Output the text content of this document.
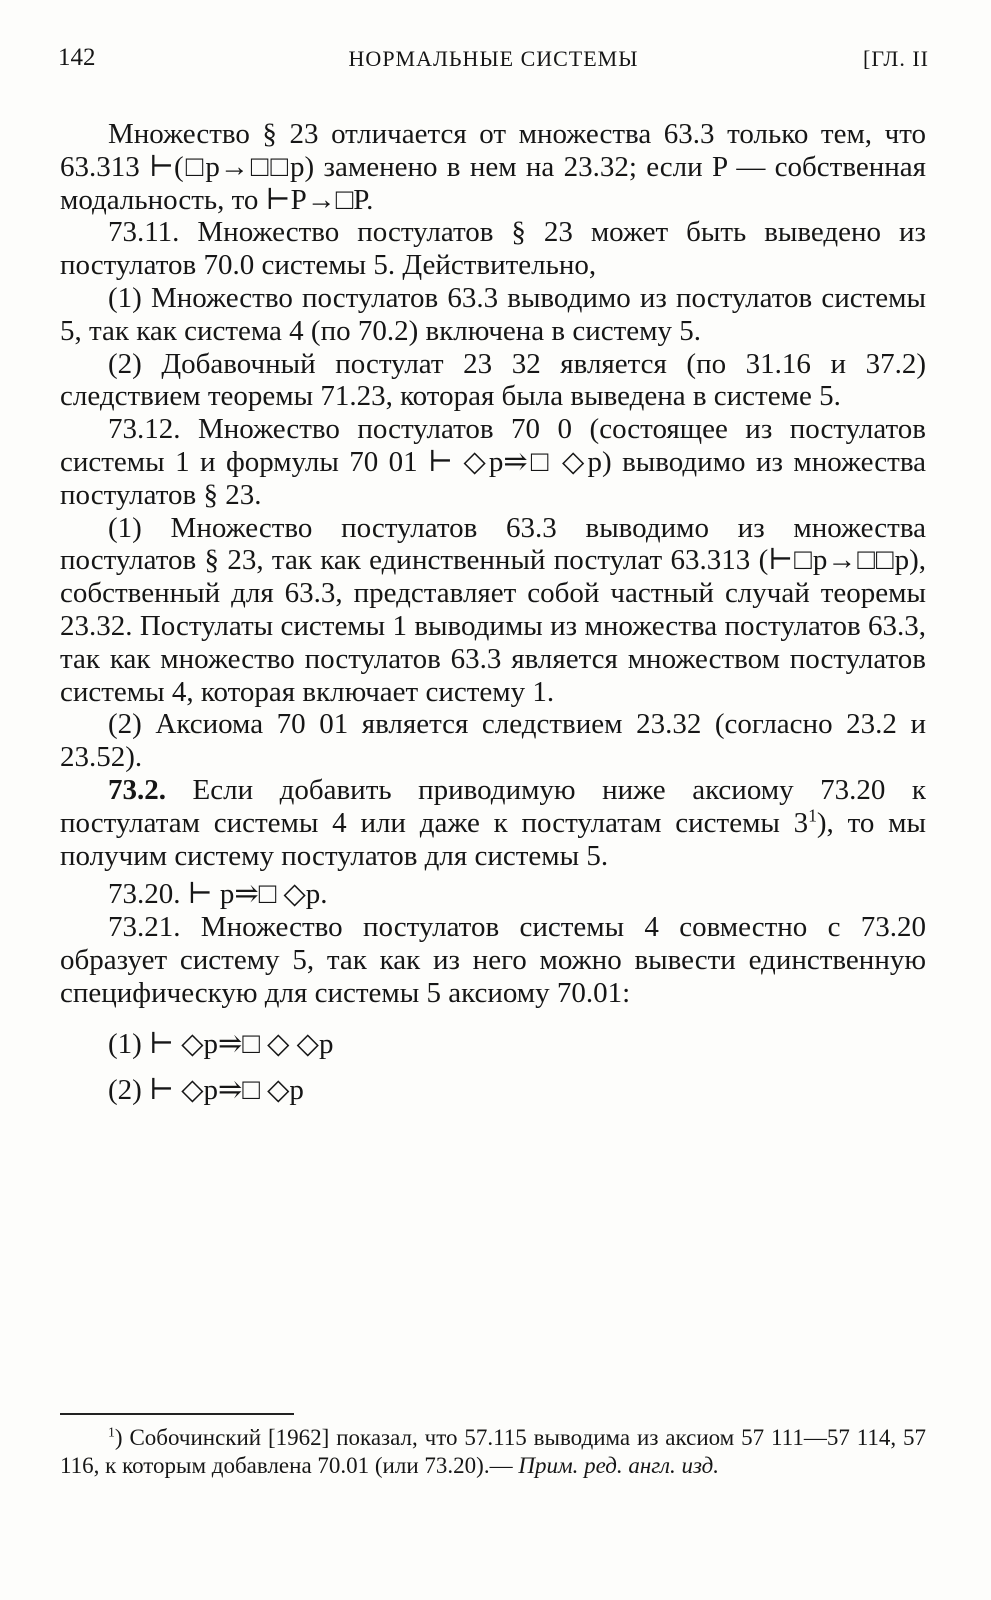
142	НОРМАЛЬНЫЕ СИСТЕМЫ	[ГЛ. II

Множество § 23 отличается от множества 63.3 только тем, что 63.313 ⊢(□p→□□p) заменено в нем на 23.32; если P — собственная модальность, то ⊢P→□P.

73.11. Множество постулатов § 23 может быть выведено из постулатов 70.0 системы 5. Действительно,

(1) Множество постулатов 63.3 выводимо из постулатов системы 5, так как система 4 (по 70.2) включена в систему 5.

(2) Добавочный постулат 23 32 является (по 31.16 и 37.2) следствием теоремы 71.23, которая была выведена в системе 5.

73.12. Множество постулатов 70 0 (состоящее из постулатов системы 1 и формулы 70 01 ⊢ ◇p⥤□ ◇p) выводимо из множества постулатов § 23.

(1) Множество постулатов 63.3 выводимо из множества постулатов § 23, так как единственный постулат 63.313 (⊢□p→□□p), собственный для 63.3, представляет собой частный случай теоремы 23.32. Постулаты системы 1 выводимы из множества постулатов 63.3, так как множество постулатов 63.3 является множеством постулатов системы 4, которая включает систему 1.

(2) Аксиома 70 01 является следствием 23.32 (согласно 23.2 и 23.52).

73.2. Если добавить приводимую ниже аксиому 73.20 к постулатам системы 4 или даже к постулатам системы $3^1$), то мы получим систему постулатов для системы 5.

73.20. ⊢ p⥤□ ◇p.

73.21. Множество постулатов системы 4 совместно с 73.20 образует систему 5, так как из него можно вывести единственную специфическую для системы 5 аксиому 70.01:

(1) ⊢ ◇p⥤□ ◇ ◇p

(2) ⊢ ◇p⥤□ ◇p

$^1$) Собочинский [1962] показал, что 57.115 выводима из аксиом 57 111—57 114, 57 116, к которым добавлена 70.01 (или 73.20).— Прим. ред. англ. изд.
